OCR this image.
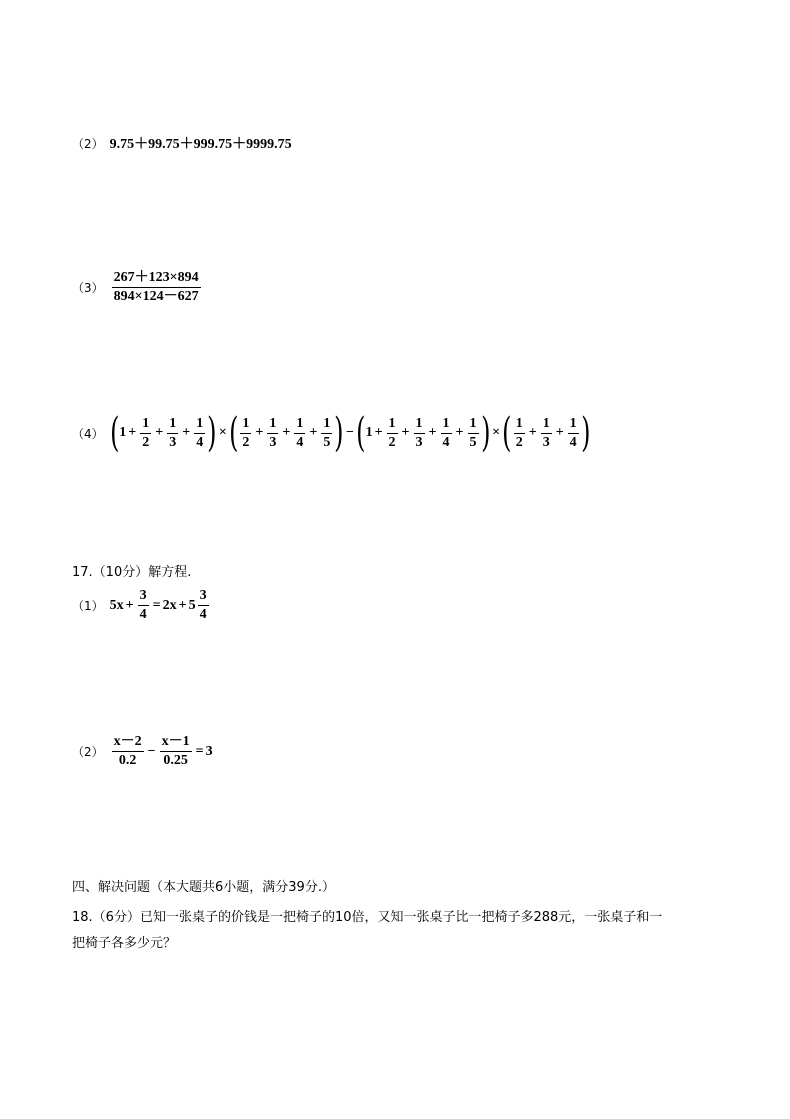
（2） 9.75＋99.75＋999.75＋9999.75
$(3) \frac{267+123\times 894}{894\times 124-627}$
（4） ( $1 + \frac{1}{2} + \frac{1}{3} + \frac{1}{4}$ ) × ( $\frac{1}{2} + \frac{1}{3} + \frac{1}{4} + \frac{1}{5}$ ) − ( $1 + \frac{1}{2} + \frac{1}{3} + \frac{1}{4} + \frac{1}{5}$ ) × ( $\frac{1}{2} + \frac{1}{3} + \frac{1}{4}$ )
17.（10分）解方程.
（1） $5x + \frac{3}{4} = 2x + 5 \frac{3}{4}$
$(2) \frac{x-2}{0.2} - \frac{x-1}{0.25} = 3$
四、解决问题（本大题共6小题，满分39分.）
18.（6分）已知一张桌子的价钱是一把椅子的10倍，又知一张桌子比一把椅子多288元，一张桌子和一
把椅子各多少元？
